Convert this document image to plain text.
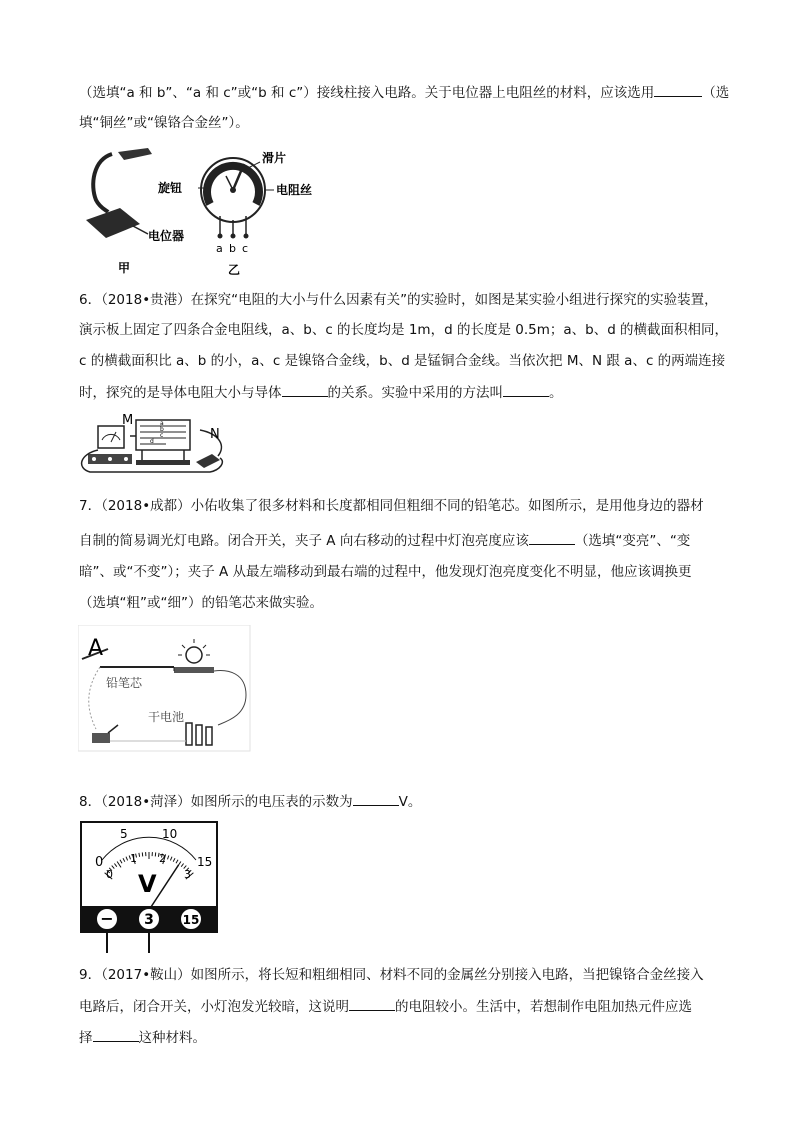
（选填“a 和 b”、“a 和 c”或“b 和 c”）接线柱接入电路。关于电位器上电阻丝的材料，应该选用	（选
填“铜丝”或“镍铬合金丝”）。
电位器
甲
滑片
旋钮	电阻丝
a b c
乙
6．（2018•贵港）在探究“电阻的大小与什么因素有关”的实验时，如图是某实验小组进行探究的实验装置，
演示板上固定了四条合金电阻线，a、b、c 的长度均是 1m，d 的长度是 0.5m；a、b、d 的横截面积相同，
c 的横截面积比 a、b 的小，a、c 是镍铬合金线，b、d 是锰铜合金线。当依次把 M、N 跟 a、c 的两端连接
时，探究的是导体电阻大小与导体	的关系。实验中采用的方法叫	。
a
b
c
d
M
N
7．（2018•成都）小佑收集了很多材料和长度都相同但粗细不同的铅笔芯。如图所示，是用他身边的器材
自制的简易调光灯电路。闭合开关，夹子 A 向右移动的过程中灯泡亮度应该	（选填“变亮”、“变
暗”、或“不变”）；夹子 A 从最左端移动到最右端的过程中，他发现灯泡亮度变化不明显，他应该调换更
（选填“粗”或“细”）的铅笔芯来做实验。
A
铅笔芯
干电池
8．（2018•菏泽）如图所示的电压表的示数为	V。
0
5	10
15
0
1 2
3
V
− 3 15
9．（2017•鞍山）如图所示，将长短和粗细相同、材料不同的金属丝分别接入电路，当把镍铬合金丝接入
电路后，闭合开关，小灯泡发光较暗，这说明	的电阻较小。生活中，若想制作电阻加热元件应选
择	这种材料。
